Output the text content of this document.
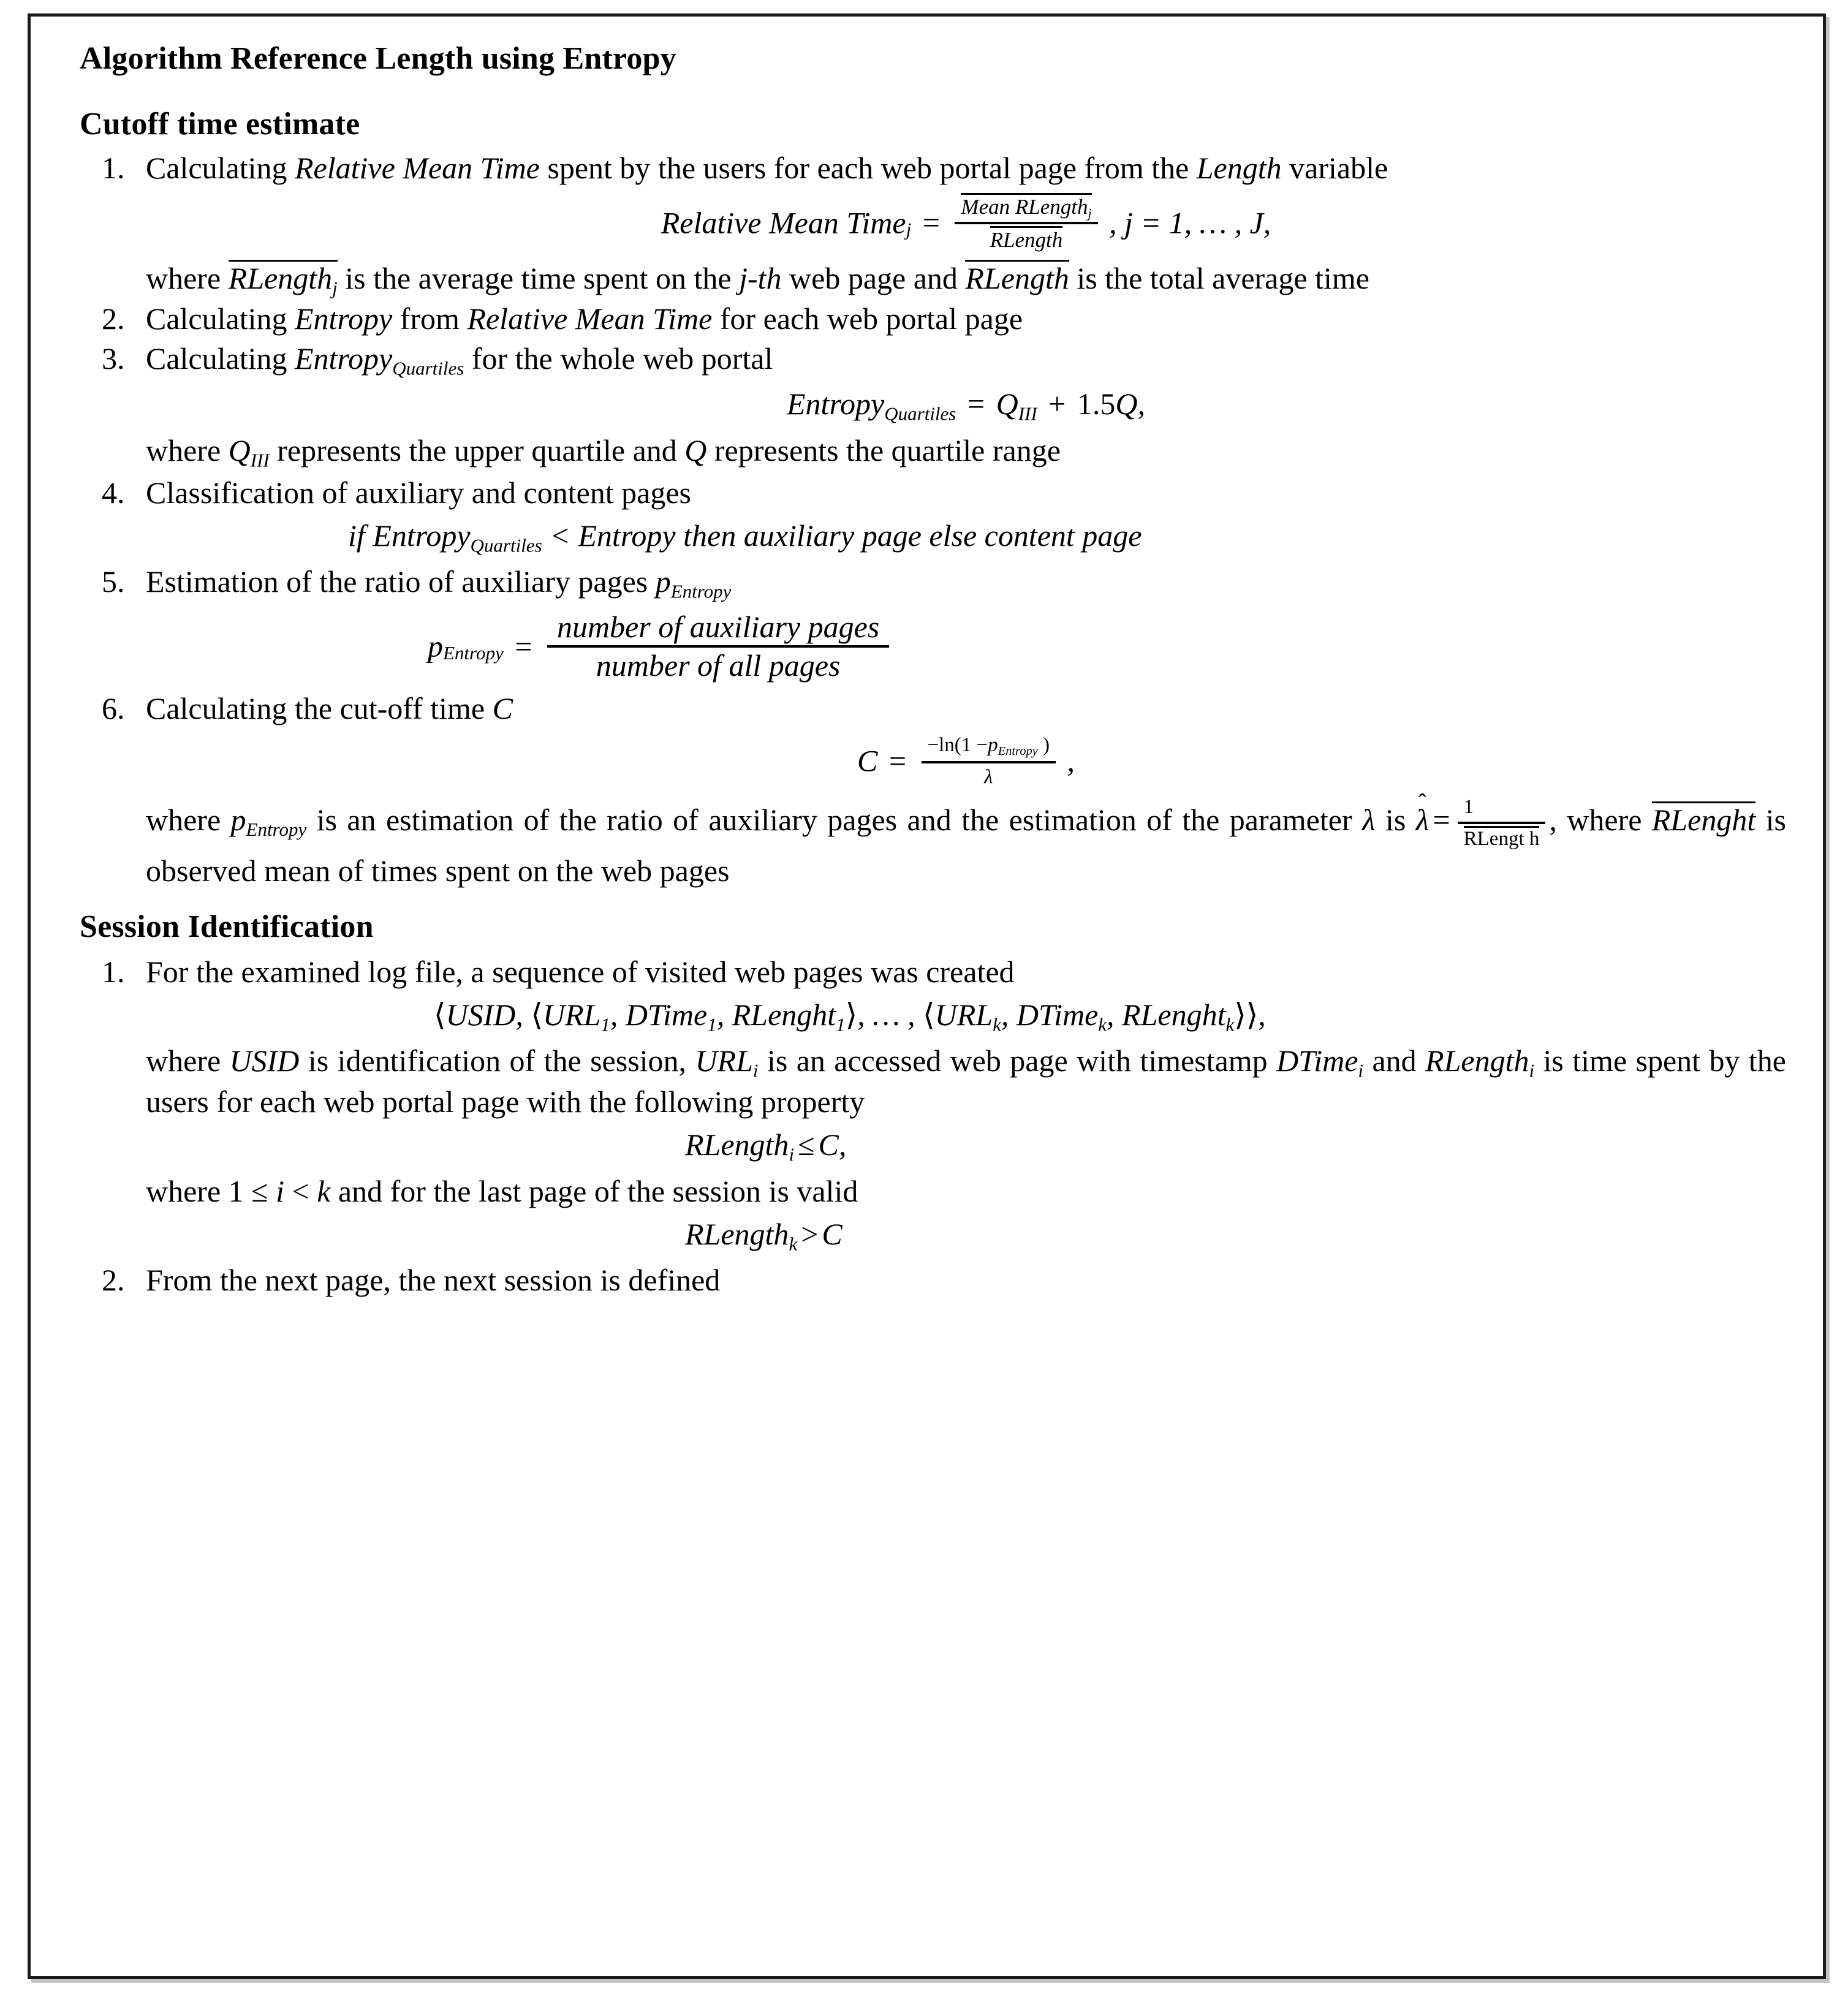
Algorithm Reference Length using Entropy
Cutoff time estimate
1. Calculating Relative Mean Time spent by the users for each web portal page from the Length variable
Relative Mean Time$_j$ = $\frac{Mean RLength_j}{\text{RLength}}$ , j = 1, … , J,
where RLength$_j$ is the average time spent on the j-th web page and RLength is the total average time
2. Calculating Entropy from Relative Mean Time for each web portal page
3. Calculating Entropy$_{Quartiles}$ for the whole web portal
Entropy$_{Quartiles}$ = $Q_{III} + 1.5Q$,
where $Q_{III}$ represents the upper quartile and Q represents the quartile range
4. Classification of auxiliary and content pages
if Entropy$_{Quartiles}$ < Entropy then auxiliary page else content page
5. Estimation of the ratio of auxiliary pages $p_{Entropy}$
$p_{Entropy} = \frac{\text{number of auxiliary pages}}{\text{number of all pages}}$
6. Calculating the cut-off time C
$C = \frac{-\ln(1 -p_{Entropy} )}{\lambda}$ ,
where $p_{Entropy}$ is an estimation of the ratio of auxiliary pages and the estimation of the parameter λ is ˆ $\lambda = \frac{1}{\text{RLengt h}}$ , where RLenght is observed mean of times spent on the web pages
Session Identification
1. For the examined log file, a sequence of visited web pages was created
⟨USID, $⟨URL_1$, DTime$_1$, RLenght$_1$⟩, … , $⟨URL_k$, DTime$_k$, RLenght$_k$⟩⟩,
where USID is identification of the session, $URL_i$ is an accessed web page with timestamp DTime$_i$ and RLength$_i$ is time spent by the users for each web portal page with the following property
RLength$_i$ ≤ C,
where 1 ≤ i < k and for the last page of the session is valid
RLength$_k$ > C
2. From the next page, the next session is defined
